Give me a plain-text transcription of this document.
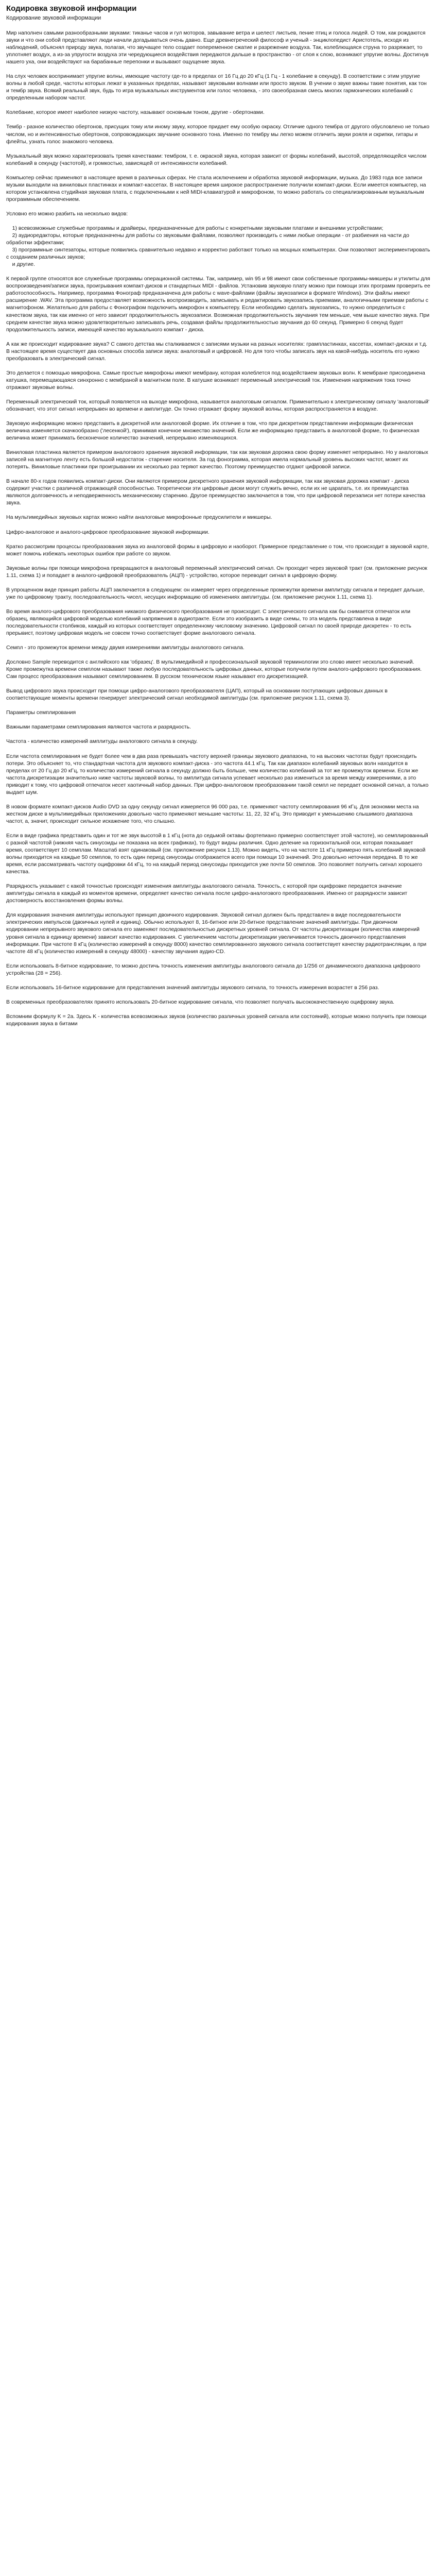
Кодировка звуковой информации
Кодирование звуковой информации

Мир наполнен самыми разнообразными звуками: тиканье часов и гул моторов, завывание ветра и шелест листьев, пение птиц и голоса людей. О том, как рождаются звуки и что они собой представляют люди начали догадываться очень давно. Еще древнегреческий философ и ученый - энциклопедист Аристотель, исходя из наблюдений, объяснял природу звука, полагая, что звучащее тело создает попеременное сжатие и разрежение воздуха. Так, колеблющаяся струна то разряжает, то уплотняет воздух, а из-за упругости воздуха эти чередующиеся воздействия передаются дальше в пространство - от слоя к слою, возникают упругие волны. Достигнув нашего уха, они воздействуют на барабанные перепонки и вызывают ощущение звука.

На слух человек воспринимает упругие волны, имеющие частоту где-то в пределах от 16 Гц до 20 кГц (1 Гц - 1 колебание в секунду). В соответствии с этим упругие волны в любой среде, частоты которых лежат в указанных пределах, называют звуковыми волнами или просто звуком. В учении о звуке важны такие понятия, как тон и тембр звука. Всякий реальный звук, будь то игра музыкальных инструментов или голос человека, - это своеобразная смесь многих гармонических колебаний с определенным набором частот.

Колебание, которое имеет наиболее низкую частоту, называют основным тоном, другие - обертонами.

Тембр - разное количество обертонов, присущих тому или иному звуку, которое придает ему особую окраску. Отличие одного тембра от другого обусловлено не только числом, но и интенсивностью обертонов, сопровождающих звучание основного тона. Именно по тембру мы легко можем отличить звуки рояля и скрипки, гитары и флейты, узнать голос знакомого человека.

Музыкальный звук можно характеризовать тремя качествами: тембром, т. е. окраской звука, которая зависит от формы колебаний, высотой, определяющейся числом колебаний в секунду (частотой), и громкостью, зависящей от интенсивности колебаний.

Компьютер сейчас применяют в настоящее время в различных сферах. Не стала исключением и обработка звуковой информации, музыка. До 1983 года все записи музыки выходили на виниловых пластинках и компакт-кассетах. В настоящее время широкое распространение получили компакт-диски. Если имеется компьютер, на котором установлена студийная звуковая плата, с подключенными к ней MIDI-клавиатурой и микрофоном, то можно работать со специализированным музыкальным программным обеспечением.

Условно его можно разбить на несколько видов:

1) всевозможные служебные программы и драйверы, предназначенные для работы с конкретными звуковыми платами и внешними устройствами;
2) аудиоредакторы, которые предназначены для работы со звуковыми файлами, позволяют производить с ними любые операции - от разбиения на части до обработки эффектами;
3) программные синтезаторы, которые появились сравнительно недавно и корректно работают только на мощных компьютерах. Они позволяют экспериментировать с созданием различных звуков;
и другие.

К первой группе относятся все служебные программы операционной системы. Так, например, win 95 и 98 имеют свои собственные программы-микшеры и утилиты для воспроизведения/записи звука, проигрывания компакт-дисков и стандартных MIDI - файлов. Установив звуковую плату можно при помощи этих программ проверить ее работоспособность. Например, программа Фонограф предназначена для работы с wave-файлами (файлы звукозаписи в формате Windows). Эти файлы имеют расширение .WAV. Эта программа предоставляет возможность воспроизводить, записывать и редактировать звукозапись приемами, аналогичными приемам работы с магнитофоном. Желательно для работы с Фонографом подключить микрофон к компьютеру. Если необходимо сделать звукозапись, то нужно определиться с качеством звука, так как именно от него зависит продолжительность звукозаписи. Возможная продолжительность звучания тем меньше, чем выше качество звука. При среднем качестве звука можно удовлетворительно записывать речь, создавая файлы продолжительностью звучания до 60 секунд. Примерно 6 секунд будет продолжительность записи, имеющей качество музыкального компакт - диска.

А как же происходит кодирование звука? С самого детства мы сталкиваемся с записями музыки на разных носителях: грампластинках, кассетах, компакт-дисках и т.д. В настоящее время существует два основных способа записи звука: аналоговый и цифровой. Но для того чтобы записать звук на какой-нибудь носитель его нужно преобразовать в электрический сигнал.

Это делается с помощью микрофона. Самые простые микрофоны имеют мембрану, которая колеблется под воздействием звуковых волн. К мембране присоединена катушка, перемещающаяся синхронно с мембраной в магнитном поле. В катушке возникает переменный электрический ток. Изменения напряжения тока точно отражают звуковые волны.

Переменный электрический ток, который появляется на выходе микрофона, называется аналоговым сигналом. Применительно к электрическому сигналу 'аналоговый' обозначает, что этот сигнал непрерывен во времени и амплитуде. Он точно отражает форму звуковой волны, которая распространяется в воздухе.

Звуковую информацию можно представить в дискретной или аналоговой форме. Их отличие в том, что при дискретном представлении информации физическая величина изменяется скачкообразно ('лесенкой'), принимая конечное множество значений. Если же информацию представить в аналоговой форме, то физическая величина может принимать бесконечное количество значений, непрерывно изменяющихся.

Виниловая пластинка является примером аналогового хранения звуковой информации, так как звуковая дорожка свою форму изменяет непрерывно. Но у аналоговых записей на магнитную ленту есть большой недостаток - старение носителя. За год фонограмма, которая имела нормальный уровень высоких частот, может их потерять. Виниловые пластинки при проигрывании их несколько раз теряют качество. Поэтому преимущество отдают цифровой записи.

В начале 80-х годов появились компакт-диски. Они являются примером дискретного хранения звуковой информации, так как звуковая дорожка компакт - диска содержит участки с различной отражающей способностью. Теоретически эти цифровые диски могут служить вечно, если их не царапать, т.е. их преимущества являются долговечность и неподверженность механическому старению. Другое преимущество заключается в том, что при цифровой перезаписи нет потери качества звука.

На мультимедийных звуковых картах можно найти аналоговые микрофонные предусилители и микшеры.

Цифро-аналоговое и аналого-цифровое преобразование звуковой информации.

Кратко рассмотрим процессы преобразования звука из аналоговой формы в цифровую и наоборот. Примерное представление о том, что происходит в звуковой карте, может помочь избежать некоторых ошибок при работе со звуком.

Звуковые волны при помощи микрофона превращаются в аналоговый переменный электрический сигнал. Он проходит через звуковой тракт (см. приложение рисунок 1.11, схема 1) и попадает в аналого-цифровой преобразователь (АЦП) - устройство, которое переводит сигнал в цифровую форму.

В упрощенном виде принцип работы АЦП заключается в следующем: он измеряет через определенные промежутки времени амплитуду сигнала и передает дальше, уже по цифровому тракту, последовательность чисел, несущих информацию об изменениях амплитуды. (см. приложение рисунок 1.11, схема 1).

Во время аналого-цифрового преобразования никакого физического преобразования не происходит. С электрического сигнала как бы снимается отпечаток или образец, являющийся цифровой моделью колебаний напряжения в аудиотракте. Если это изобразить в виде схемы, то эта модель представлена в виде последовательности столбиков, каждый из которых соответствует определенному числовому значению. Цифровой сигнал по своей природе дискретен - то есть прерывист, поэтому цифровая модель не совсем точно соответствует форме аналогового сигнала.

Семпл - это промежуток времени между двумя измерениями амплитуды аналогового сигнала.

Дословно Sample переводится с английского как 'образец'. В мультимедийной и профессиональной звуковой терминологии это слово имеет несколько значений. Кроме промежутка времени семплом называют также любую последовательность цифровых данных, которые получили путем аналого-цифрового преобразования. Сам процесс преобразования называют семплированием. В русском техническом языке называют его дискретизацией.

Вывод цифрового звука происходит при помощи цифро-аналогового преобразователя (ЦАП), который на основании поступающих цифровых данных в соответствующие моменты времени генерирует электрический сигнал необходимой амплитуды (см. приложение рисунок 1.11, схема 3).

Параметры семплирования

Важными параметрами семплирования являются частота и разрядность.

Частота - количество измерений амплитуды аналогового сигнала в секунду.

Если частота семплирования не будет более чем в два раза превышать частоту верхней границы звукового диапазона, то на высоких частотах будут происходить потери. Это объясняет то, что стандартная частота для звукового компакт-диска - это частота 44.1 кГц. Так как диапазон колебаний звуковых волн находится в пределах от 20 Гц до 20 кГц, то количество измерений сигнала в секунду должно быть больше, чем количество колебаний за тот же промежуток времени. Если же частота дискретизации значительно ниже частоты звуковой волны, то амплитуда сигнала успевает несколько раз измениться за время между измерениями, а это приводит к тому, что цифровой отпечаток несет хаотичный набор данных. При цифро-аналоговом преобразовании такой семпл не передает основной сигнал, а только выдает шум.

В новом формате компакт-дисков Audio DVD за одну секунду сигнал измеряется 96 000 раз, т.е. применяют частоту семплирования 96 кГц. Для экономии места на жестком диске в мультимедийных приложениях довольно часто применяют меньшие частоты: 11, 22, 32 кГц. Это приводит к уменьшению слышимого диапазона частот, а, значит, происходит сильное искажение того, что слышно.

Если в виде графика представить один и тот же звук высотой в 1 кГц (нота до седьмой октавы фортепиано примерно соответствует этой частоте), но семплированный с разной частотой (нижняя часть синусоиды не показана на всех графиках), то будут видны различия. Одно деление на горизонтальной оси, которая показывает время, соответствует 10 семплам. Масштаб взят одинаковый (см. приложение рисунок 1.13). Можно видеть, что на частоте 11 кГц примерно пять колебаний звуковой волны приходится на каждые 50 семплов, то есть один период синусоиды отображается всего при помощи 10 значений. Это довольно неточная передача. В то же время, если рассматривать частоту оцифровки 44 кГц, то на каждый период синусоиды приходится уже почти 50 семплов. Это позволяет получить сигнал хорошего качества.

Разрядность указывает с какой точностью происходят изменения амплитуды аналогового сигнала. Точность, с которой при оцифровке передается значение амплитуды сигнала в каждый из моментов времени, определяет качество сигнала после цифро-аналогового преобразования. Именно от разрядности зависит достоверность восстановления формы волны.

Для кодирования значения амплитуды используют принцип двоичного кодирования. Звуковой сигнал должен быть представлен в виде последовательности электрических импульсов (двоичных нулей и единиц). Обычно используют 8, 16-битное или 20-битное представление значений амплитуды. При двоичном кодировании непрерывного звукового сигнала его заменяют последовательностью дискретных уровней сигнала. От частоты дискретизации (количества измерений уровня сигнала в единицу времени) зависит качество кодирования. С увеличением частоты дискретизации увеличивается точность двоичного представления информации. При частоте 8 кГц (количество измерений в секунду 8000) качество семплированного звукового сигнала соответствует качеству радиотрансляции, а при частоте 48 кГц (количество измерений в секунду 48000) - качеству звучания аудио-CD.

Если использовать 8-битное кодирование, то можно достичь точность изменения амплитуды аналогового сигнала до 1/256 от динамического диапазона цифрового устройства (28 = 256).

Если использовать 16-битное кодирование для представления значений амплитуды звукового сигнала, то точность измерения возрастет в 256 раз.

В современных преобразователях принято использовать 20-битное кодирование сигнала, что позволяет получать высококачественную оцифровку звука.

Вспомним формулу K = 2a. Здесь K - количества всевозможных звуков (количество различных уровней сигнала или состояний), которые можно получить при помощи кодирования звука в битами
